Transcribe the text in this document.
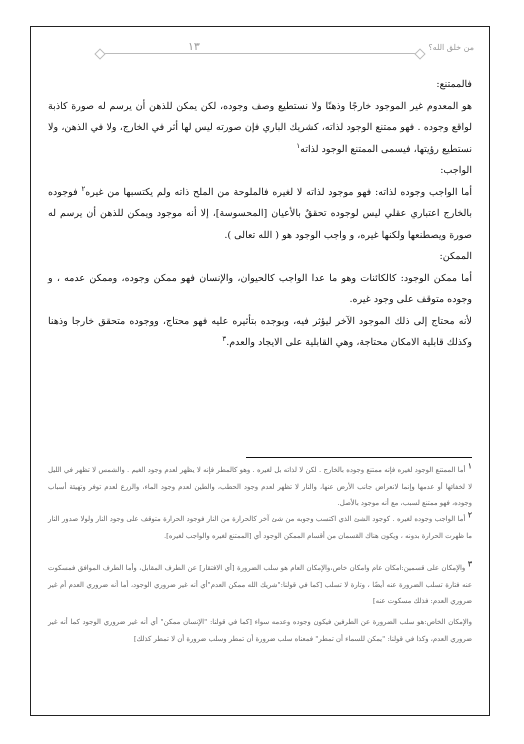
من خلق الله؟
١٣

فالممتنع:

هو المعدوم غير الموجود خارجًا وذهنًا ولا نستطيع وصف وجوده، لكن يمكن للذهن أن يرسم له صورة كاذبة لواقع وجوده . فهو ممتنع الوجود لذاته، كشريك الباري فإن صورته ليس لها أثر في الخارج، ولا في الذهن، ولا نستطيع رؤيتها، فيسمى الممتنع الوجود لذاته$^١$

الواجب:

أما الواجب وجوده لذاته: فهو موجود لذاته لا لغيره فالملوحة من الملح ذاته ولم يكتسبها من غيره$^٢$ فوجوده بالخارج اعتباري عقلي ليس لوجوده تحققٌ بالأعيان [المحسوسة]، إلا أنه موجود ويمكن للذهن أن يرسم له صورة ويصطنعها ولكنها غيره، و واجب الوجود هو ( الله تعالى ).

الممكن:

أما ممكن الوجود: كالكائنات وهو ما عدا الواجب كالحيوان، والإنسان فهو ممكن وجوده، وممكن عدمه ، و وجوده متوقف على وجود غيره.

لأنه محتاج إلى ذلك الموجود الآخر ليؤثر فيه، وبوجده بتأثيره عليه فهو محتاج، ووجوده متحقق خارجا وذهنا وكذلك قابلية الامكان محتاجة، وهي القابلية على الايجاد والعدم.$^٣$

$^١$ أما الممتنع الوجود لغيره فإنه ممتنع وجوده بالخارج . لكن لا لذاته بل لغيره . وهو كالمطر فإنه لا يظهر لعدم وجود الغيم . والشمس لا تظهر في الليل لا لخفائها أو عدمها وإنما لانعراض جانب الأرض عنها، والنار لا تظهر لعدم وجود الحطب، والطين لعدم وجود الماء، والزرع لعدم توفر وتهيئة أسباب وجوده، فهو ممتنع لسبب، مع أنه موجود بالأصل.
$^٢$ أما الواجب وجوده لغيره . كوجود الشئ الذي اكتسب وجوبه من شئ آخر كالحرارة من النار فوجود الحرارة متوقف على وجود النار ولولا صدور النار ما ظهرت الحرارة بدونه ، ويكون هناك القسمان من أقسام الممكن الوجود أي [الممتنع لغيره والواجب لغيره].
$^٣$ والإمكان على قسمين:امكان عام وامكان خاص،والإمكان العام هو سلب الضرورة [أي الافتقار] عن الطرف المقابل، وأما الطرف الموافق فمسكوت عنه فتارة تسلب الضرورة عنه أيضًا ، وتارة لا تسلب [كما في قولنا:"شريك الله ممكن العدم"أي أنه غير ضروري الوجود، أما أنه ضروري العدم أم غير ضروري العدم: فذلك مسكوت عنه]
والإمكان الخاص:هو سلب الضرورة عن الطرفين فيكون وجوده وعدمه سواء [كما في قولنا: "الإنسان ممكن" أي أنه غير ضروري الوجود كما أنه غير ضروري العدم، وكذا في قولنا: "يمكن للسماء أن تمطر" فمعناه سلب ضرورة أن تمطر وسلب ضرورة أن لا تمطر كذلك]
